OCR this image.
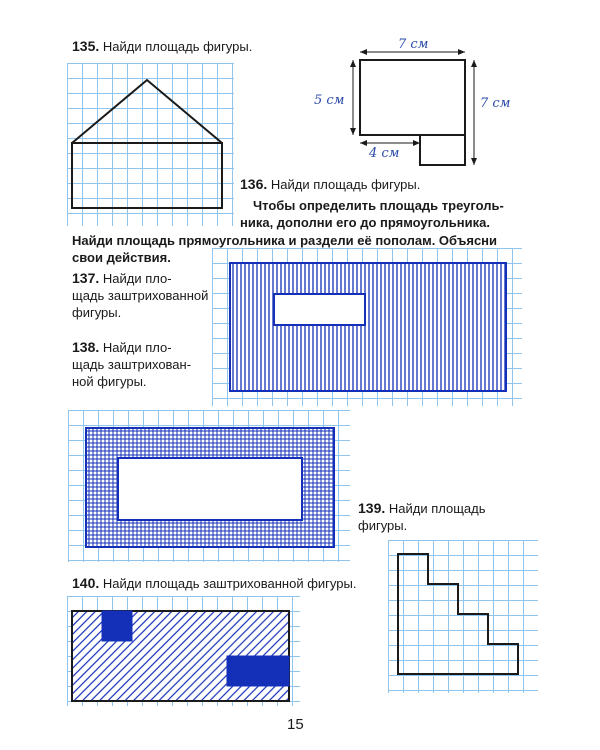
135. Найди площадь фигуры.	7 см
5 см	7 см
4 см
136. Найди площадь фигуры.
Чтобы определить площадь треуголь-
ника, дополни его до прямоугольника.
Найди площадь прямоугольника и раздели её пополам. Объясни
свои действия.
137. Найди пло-
щадь заштрихованной
фигуры.
138. Найди пло-
щадь заштрихован-
ной фигуры.
139. Найди площадь
фигуры.
140. Найди площадь заштрихованной фигуры.
15
